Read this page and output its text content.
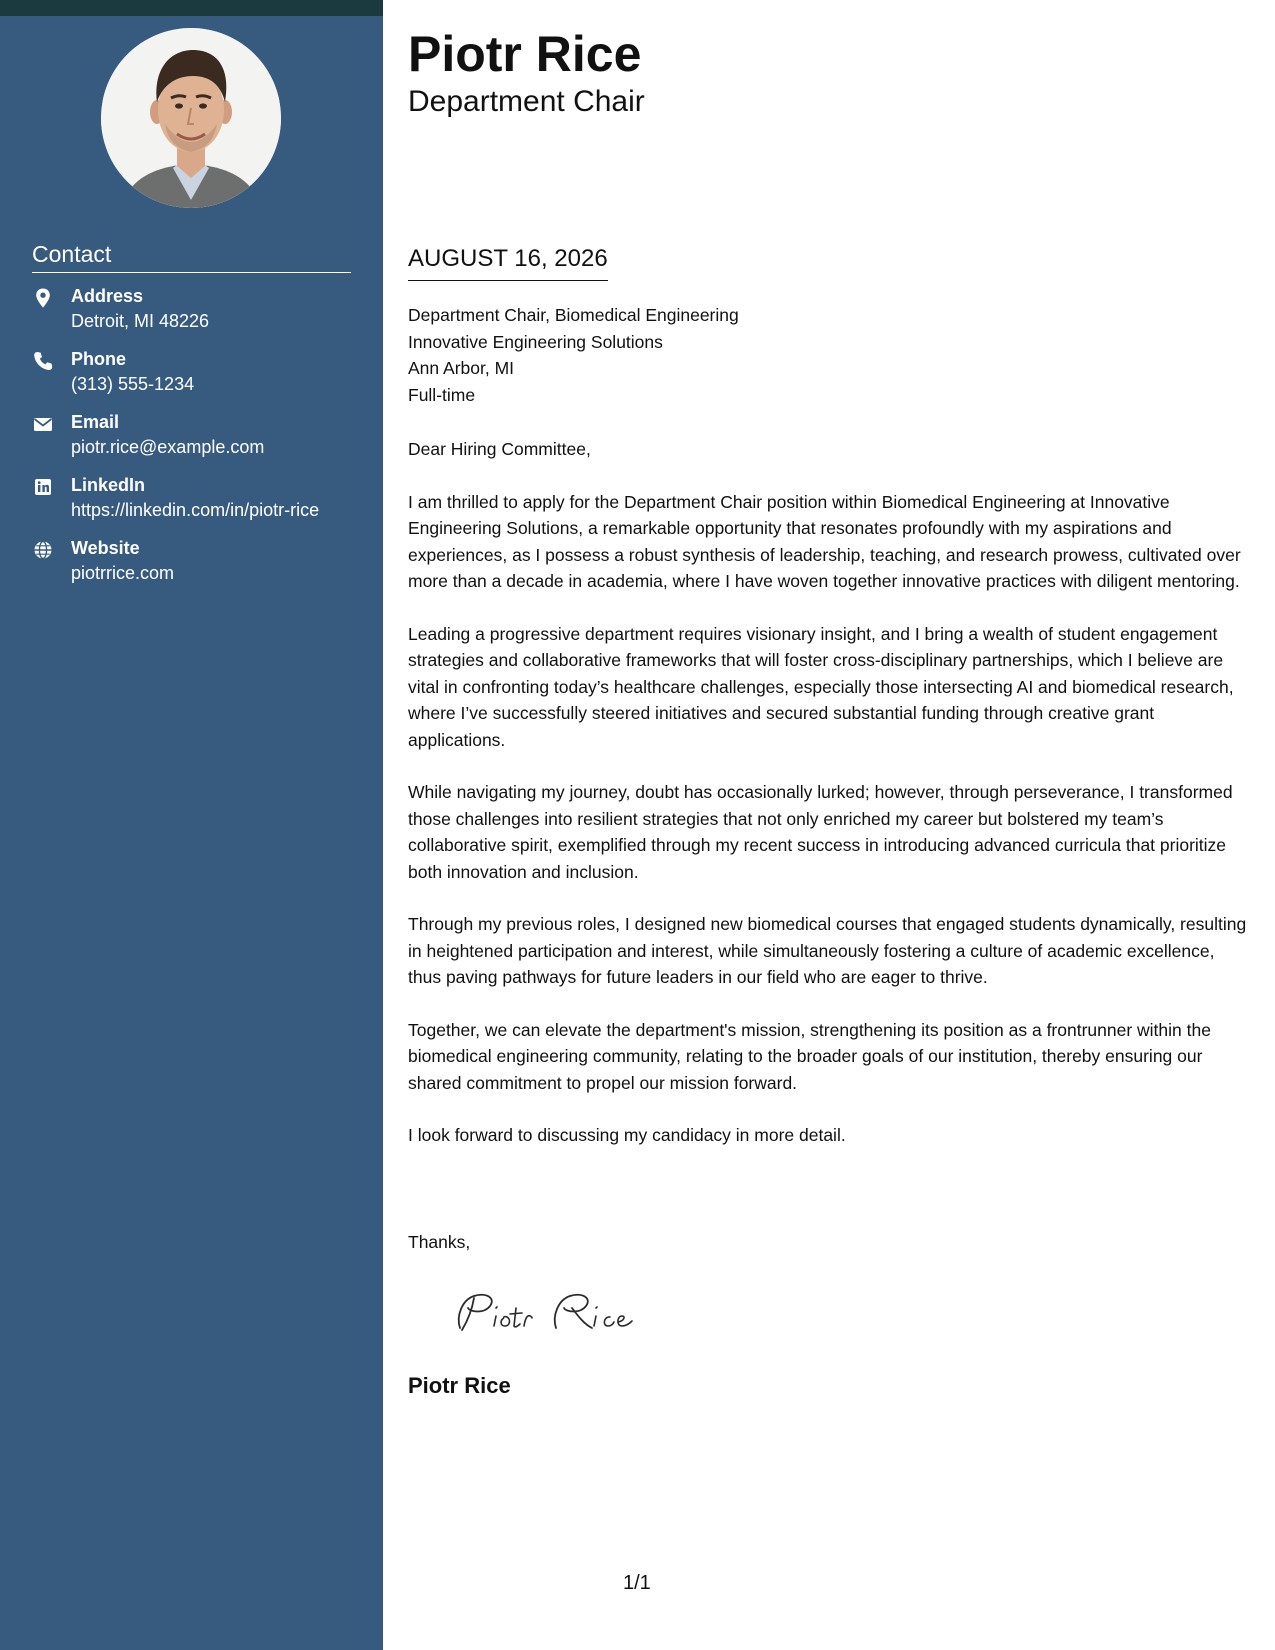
Contact
Address
Detroit, MI 48226
Phone
(313) 555-1234
Email
piotr.rice@example.com
LinkedIn
https://linkedin.com/in/piotr-rice
Website
piotrrice.com
Piotr Rice
Department Chair
AUGUST 16, 2026
Department Chair, Biomedical Engineering
Innovative Engineering Solutions
Ann Arbor, MI
Full-time

Dear Hiring Committee,

I am thrilled to apply for the Department Chair position within Biomedical Engineering at Innovative Engineering Solutions, a remarkable opportunity that resonates profoundly with my aspirations and experiences, as I possess a robust synthesis of leadership, teaching, and research prowess, cultivated over more than a decade in academia, where I have woven together innovative practices with diligent mentoring.

Leading a progressive department requires visionary insight, and I bring a wealth of student engagement strategies and collaborative frameworks that will foster cross-disciplinary partnerships, which I believe are vital in confronting today’s healthcare challenges, especially those intersecting AI and biomedical research, where I’ve successfully steered initiatives and secured substantial funding through creative grant applications.

While navigating my journey, doubt has occasionally lurked; however, through perseverance, I transformed those challenges into resilient strategies that not only enriched my career but bolstered my team’s collaborative spirit, exemplified through my recent success in introducing advanced curricula that prioritize both innovation and inclusion.

Through my previous roles, I designed new biomedical courses that engaged students dynamically, resulting in heightened participation and interest, while simultaneously fostering a culture of academic excellence, thus paving pathways for future leaders in our field who are eager to thrive.

Together, we can elevate the department's mission, strengthening its position as a frontrunner within the biomedical engineering community, relating to the broader goals of our institution, thereby ensuring our shared commitment to propel our mission forward.

I look forward to discussing my candidacy in more detail.

Thanks,
Piotr Rice
1/1
